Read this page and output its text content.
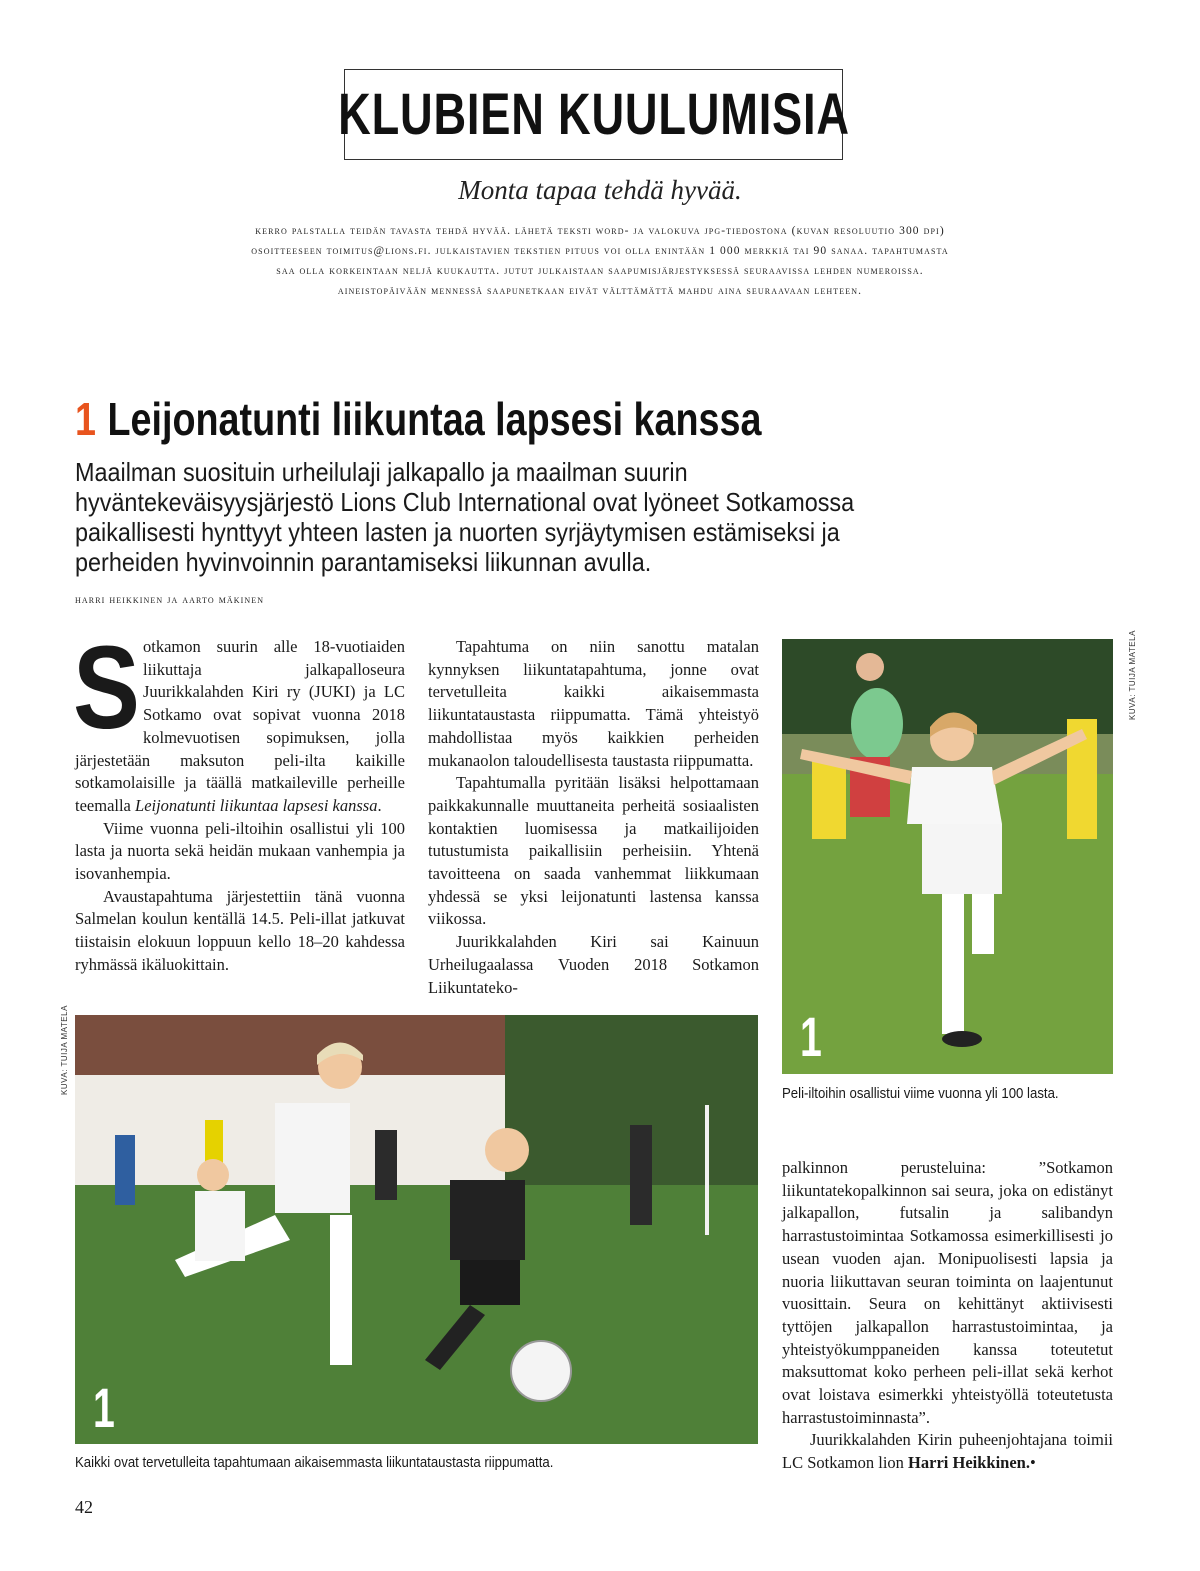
KLUBIEN KUULUMISIA
Monta tapaa tehdä hyvää.
kerro palstalla teidän tavasta tehdä hyvää. lähetä teksti word- ja valokuva jpg-tiedostona (kuvan resoluutio 300 dpi)
osoitteeseen toimitus@lions.fi. julkaistavien tekstien pituus voi olla enintään 1 000 merkkiä tai 90 sanaa. tapahtumasta
saa olla korkeintaan neljä kuukautta. jutut julkaistaan saapumisjärjestyksessä seuraavissa lehden numeroissa.
aineistopäivään mennessä saapunetkaan eivät välttämättä mahdu aina seuraavaan lehteen.
1 Leijonatunti liikuntaa lapsesi kanssa
Maailman suosituin urheilulaji jalkapallo ja maailman suurin hyväntekeväisyysjärjestö Lions Club International ovat lyöneet Sotkamossa paikallisesti hynttyyt yhteen lasten ja nuorten syrjäytymisen estämiseksi ja perheiden hyvinvoinnin parantamiseksi liikunnan avulla.
harri heikkinen ja aarto mäkinen

Sotkamon suurin alle 18-vuotiaiden liikuttaja jalkapalloseura Juurikkalahden Kiri ry (JUKI) ja LC Sotkamo ovat sopivat vuonna 2018 kolmevuotisen sopimuksen, jolla järjestetään maksuton peli-ilta kaikille sotkamolaisille ja täällä matkaileville perheille teemalla Leijonatunti liikuntaa lapsesi kanssa.

Viime vuonna peli-iltoihin osallistui yli 100 lasta ja nuorta sekä heidän mukaan vanhempia ja isovanhempia.

Avaustapahtuma järjestettiin tänä vuonna Salmelan koulun kentällä 14.5. Peli-illat jatkuvat tiistaisin elokuun loppuun kello 18–20 kahdessa ryhmässä ikäluokittain.

Tapahtuma on niin sanottu matalan kynnyksen liikuntatapahtuma, jonne ovat tervetulleita kaikki aikaisemmasta liikuntataustasta riippumatta. Tämä yhteistyö mahdollistaa myös kaikkien perheiden mukanaolon taloudellisesta taustasta riippumatta.

Tapahtumalla pyritään lisäksi helpottamaan paikkakunnalle muuttaneita perheitä sosiaalisten kontaktien luomisessa ja matkailijoiden tutustumista paikallisiin perheisiin. Yhtenä tavoitteena on saada vanhemmat liikkumaan yhdessä se yksi leijonatunti lastensa kanssa viikossa.

Juurikkalahden Kiri sai Kainuun Urheilugaalassa Vuoden 2018 Sotkamon Liikuntateko-

1
KUVA: TUIJA MATELA
Peli-iltoihin osallistui viime vuonna yli 100 lasta.
1
KUVA: TUIJA MATELA
Kaikki ovat tervetulleita tapahtumaan aikaisemmasta liikuntataustasta riippumatta.

palkinnon perusteluina: ”Sotkamon liikuntatekopalkinnon sai seura, joka on edistänyt jalkapallon, futsalin ja salibandyn harrastustoimintaa Sotkamossa esimerkillisesti jo usean vuoden ajan. Monipuolisesti lapsia ja nuoria liikuttavan seuran toiminta on laajentunut vuosittain. Seura on kehittänyt aktiivisesti tyttöjen jalkapallon harrastustoimintaa, ja yhteistyökumppaneiden kanssa toteutetut maksuttomat koko perheen peli-illat sekä kerhot ovat loistava esimerkki yhteistyöllä toteutetusta harrastustoiminnasta”.

Juurikkalahden Kirin puheenjohtajana toimii LC Sotkamon lion Harri Heikkinen.•

42
